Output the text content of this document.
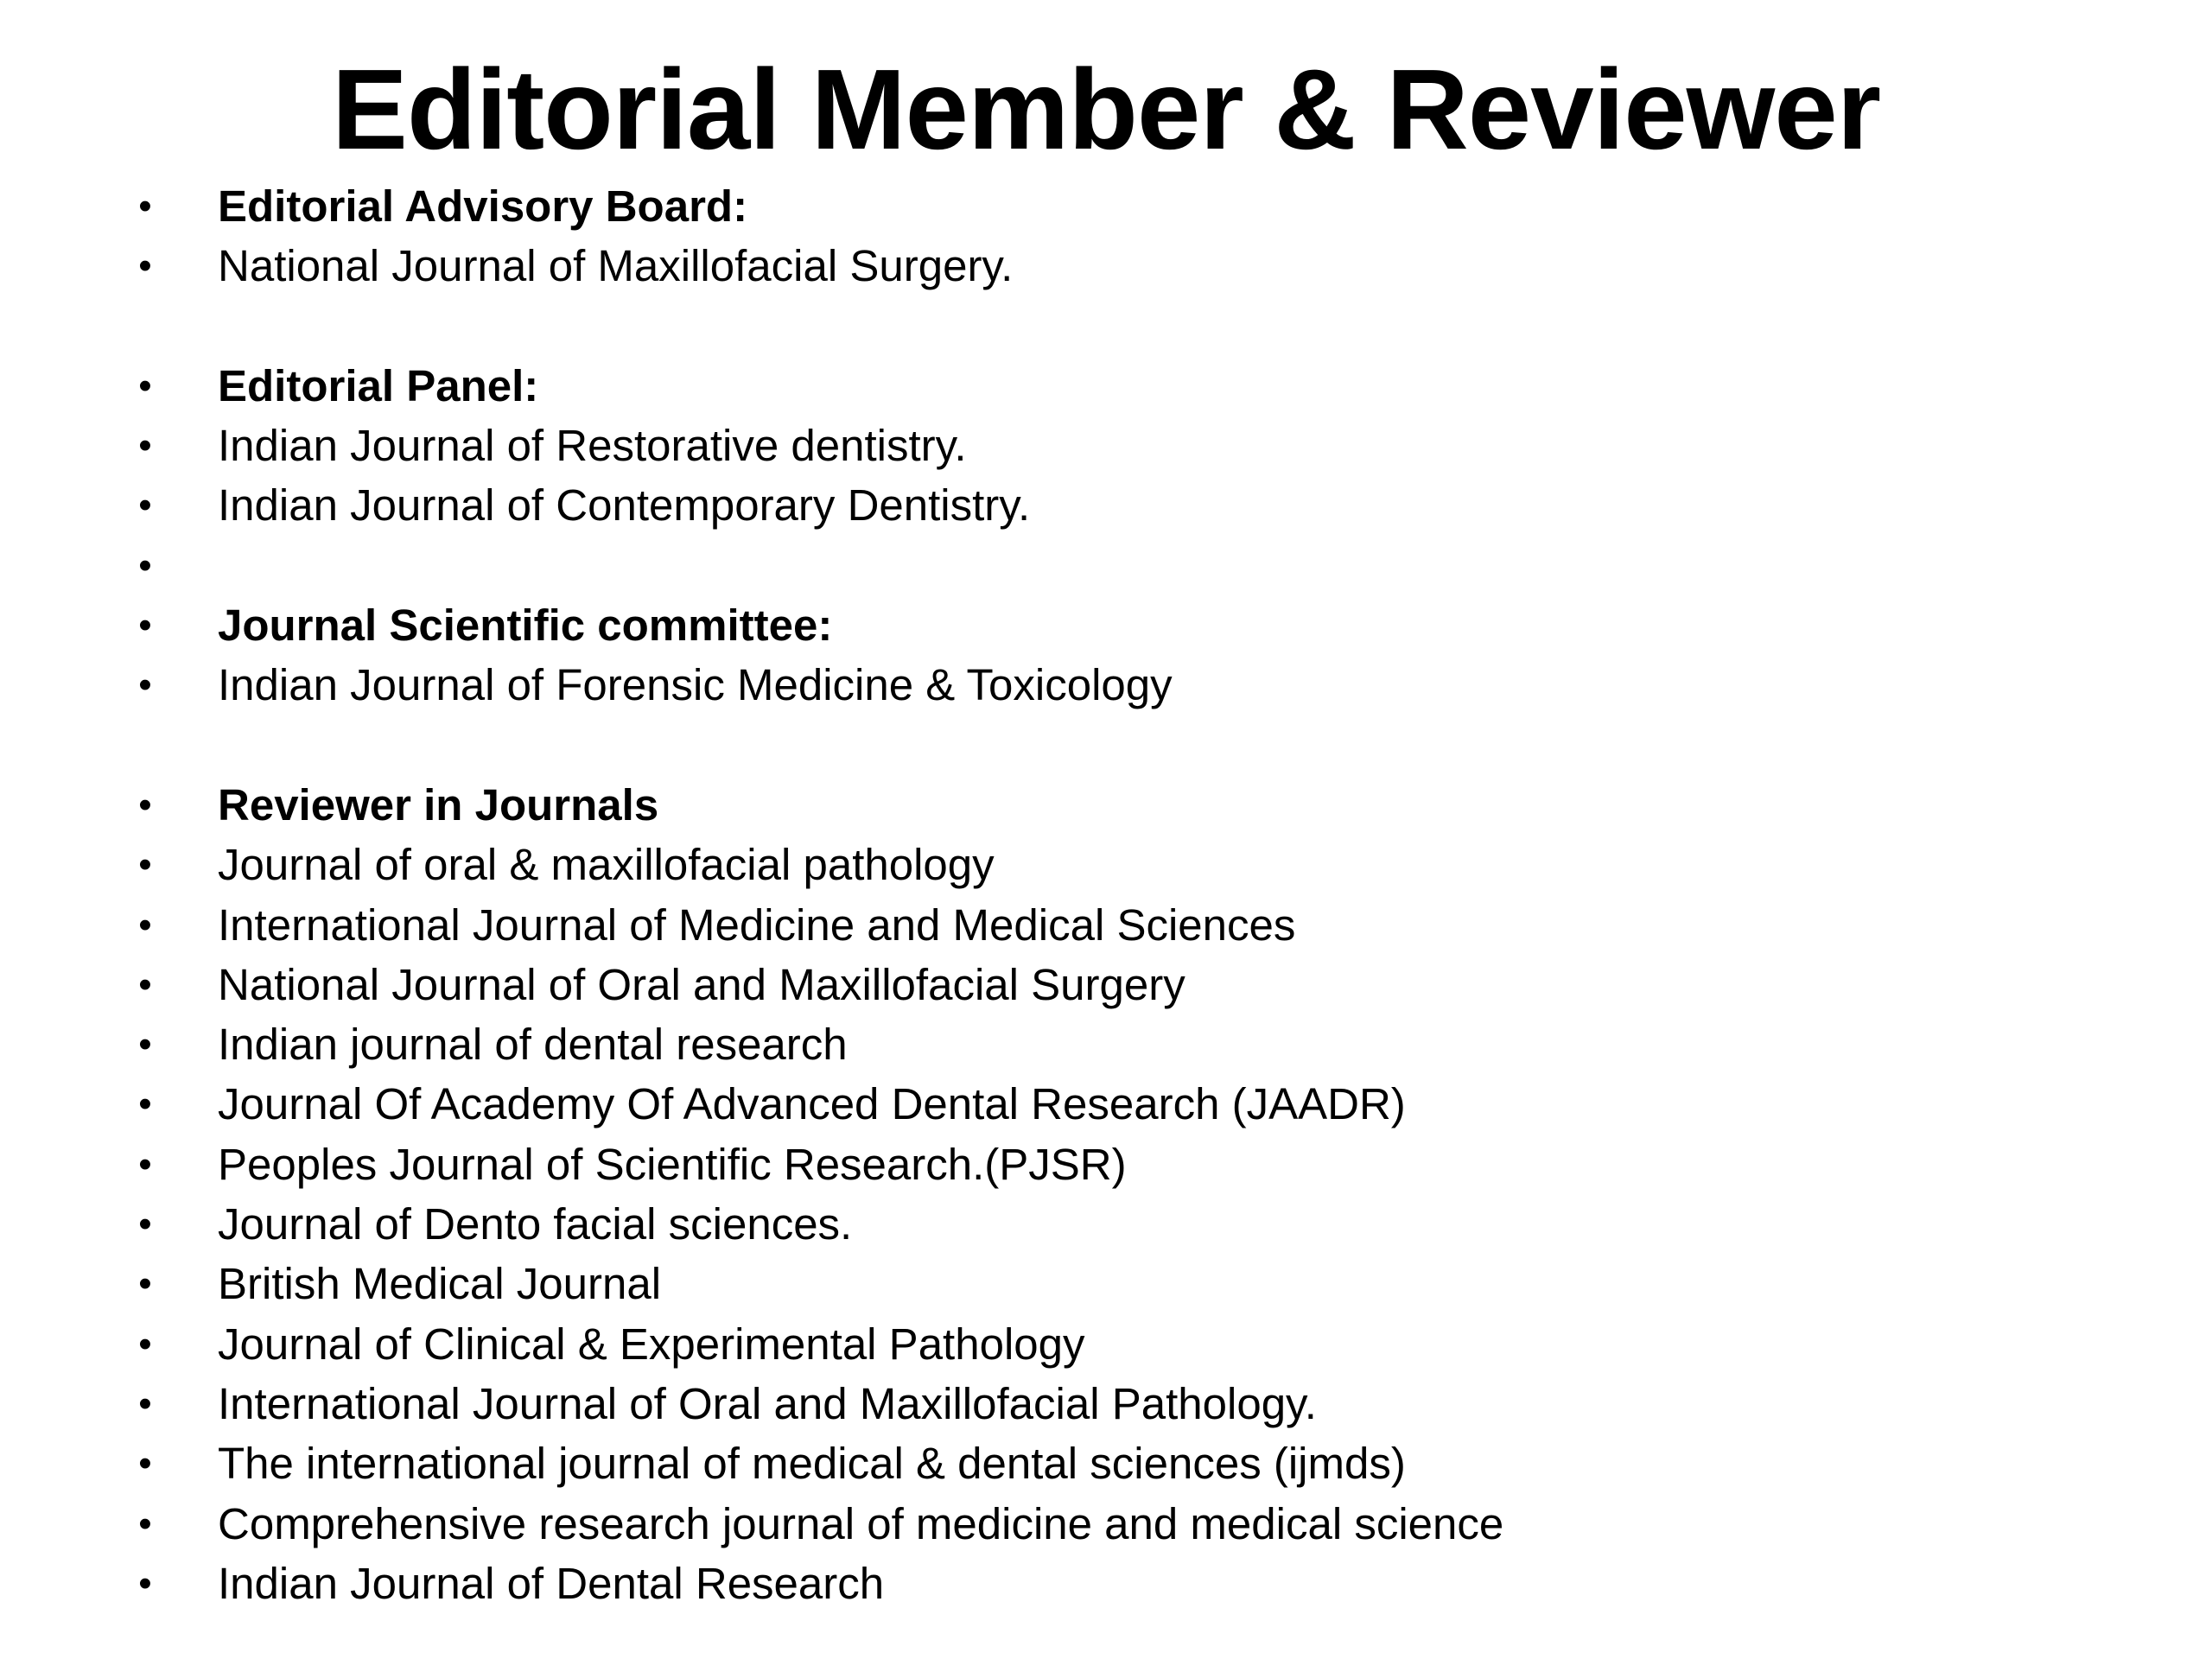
Editorial Member & Reviewer
• Editorial Advisory Board:
• National Journal of Maxillofacial Surgery.
• Editorial Panel:
• Indian Journal of Restorative dentistry.
• Indian Journal of Contemporary Dentistry.
•
• Journal Scientific committee:
• Indian Journal of Forensic Medicine & Toxicology
• Reviewer in Journals
• Journal of oral & maxillofacial pathology
• International Journal of Medicine and Medical Sciences
• National Journal of Oral and Maxillofacial Surgery
• Indian journal of dental research
• Journal Of Academy Of Advanced Dental Research (JAADR)
• Peoples Journal of Scientific Research.(PJSR)
• Journal of Dento facial sciences.
• British Medical Journal
• Journal of Clinical & Experimental Pathology
• International Journal of Oral and Maxillofacial Pathology.
• The international journal of medical & dental sciences (ijmds)
• Comprehensive research journal of medicine and medical science
• Indian Journal of Dental Research
